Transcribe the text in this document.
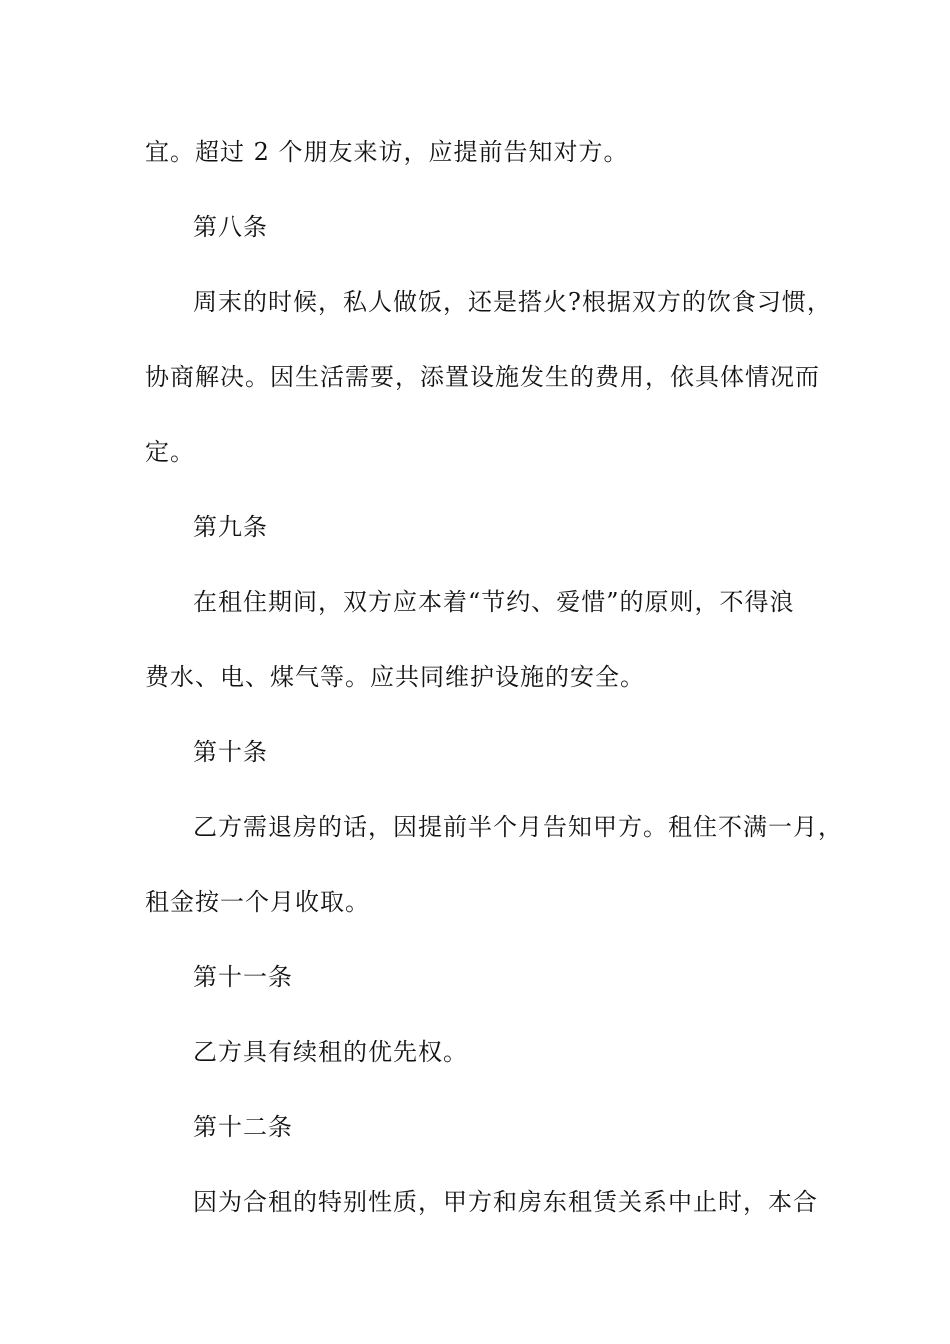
宜。超过 2 个朋友来访，应提前告知对方。
第八条
周末的时候，私人做饭，还是搭火?根据双方的饮食习惯，
协商解决。因生活需要，添置设施发生的费用，依具体情况而
定。
第九条
在租住期间，双方应本着“节约、爱惜”的原则，不得浪
费水、电、煤气等。应共同维护设施的安全。
第十条
乙方需退房的话，因提前半个月告知甲方。租住不满一月，
租金按一个月收取。
第十一条
乙方具有续租的优先权。
第十二条
因为合租的特别性质，甲方和房东租赁关系中止时，本合
